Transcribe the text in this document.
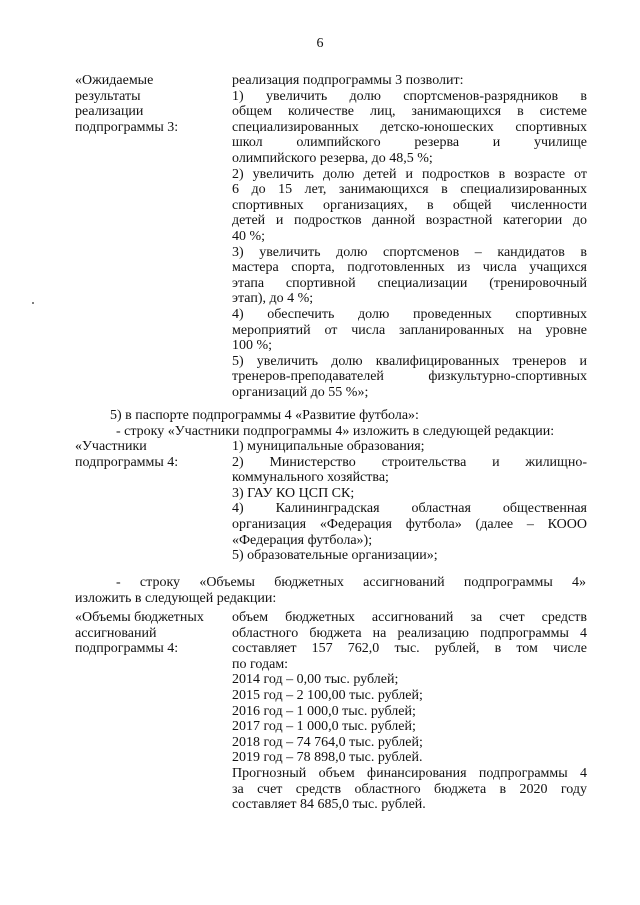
6
«Ожидаемые
результаты
реализации
подпрограммы 3:
реализация подпрограммы 3 позволит:
1) увеличить долю спортсменов-разрядников в
общем количестве лиц, занимающихся в системе
специализированных детско-юношеских спортивных
школ олимпийского резерва и училище
олимпийского резерва, до 48,5 %;
2) увеличить долю детей и подростков в возрасте от
6 до 15 лет, занимающихся в специализированных
спортивных организациях, в общей численности
детей и подростков данной возрастной категории до
40 %;
3) увеличить долю спортсменов – кандидатов в
мастера спорта, подготовленных из числа учащихся
этапа спортивной специализации (тренировочный
этап), до 4 %;
4) обеспечить долю проведенных спортивных
мероприятий от числа запланированных на уровне
100 %;
5) увеличить долю квалифицированных тренеров и
тренеров-преподавателей физкультурно-спортивных
организаций до 55 %»;
5) в паспорте подпрограммы 4 «Развитие футбола»:
- строку «Участники подпрограммы 4» изложить в следующей редакции:
«Участники
подпрограммы 4:
1) муниципальные образования;
2) Министерство строительства и жилищно-
коммунального хозяйства;
3) ГАУ КО ЦСП СК;
4) Калининградская областная общественная
организация «Федерация футбола» (далее – КООО
«Федерация футбола»);
5) образовательные организации»;
- строку «Объемы бюджетных ассигнований подпрограммы 4»
изложить в следующей редакции:
«Объемы бюджетных
ассигнований
подпрограммы 4:
объем бюджетных ассигнований за счет средств
областного бюджета на реализацию подпрограммы 4
составляет 157 762,0 тыс. рублей, в том числе
по годам:
2014 год – 0,00 тыс. рублей;
2015 год – 2 100,00 тыс. рублей;
2016 год – 1 000,0 тыс. рублей;
2017 год – 1 000,0 тыс. рублей;
2018 год – 74 764,0 тыс. рублей;
2019 год – 78 898,0 тыс. рублей.
Прогнозный объем финансирования подпрограммы 4
за счет средств областного бюджета в 2020 году
составляет 84 685,0 тыс. рублей.
